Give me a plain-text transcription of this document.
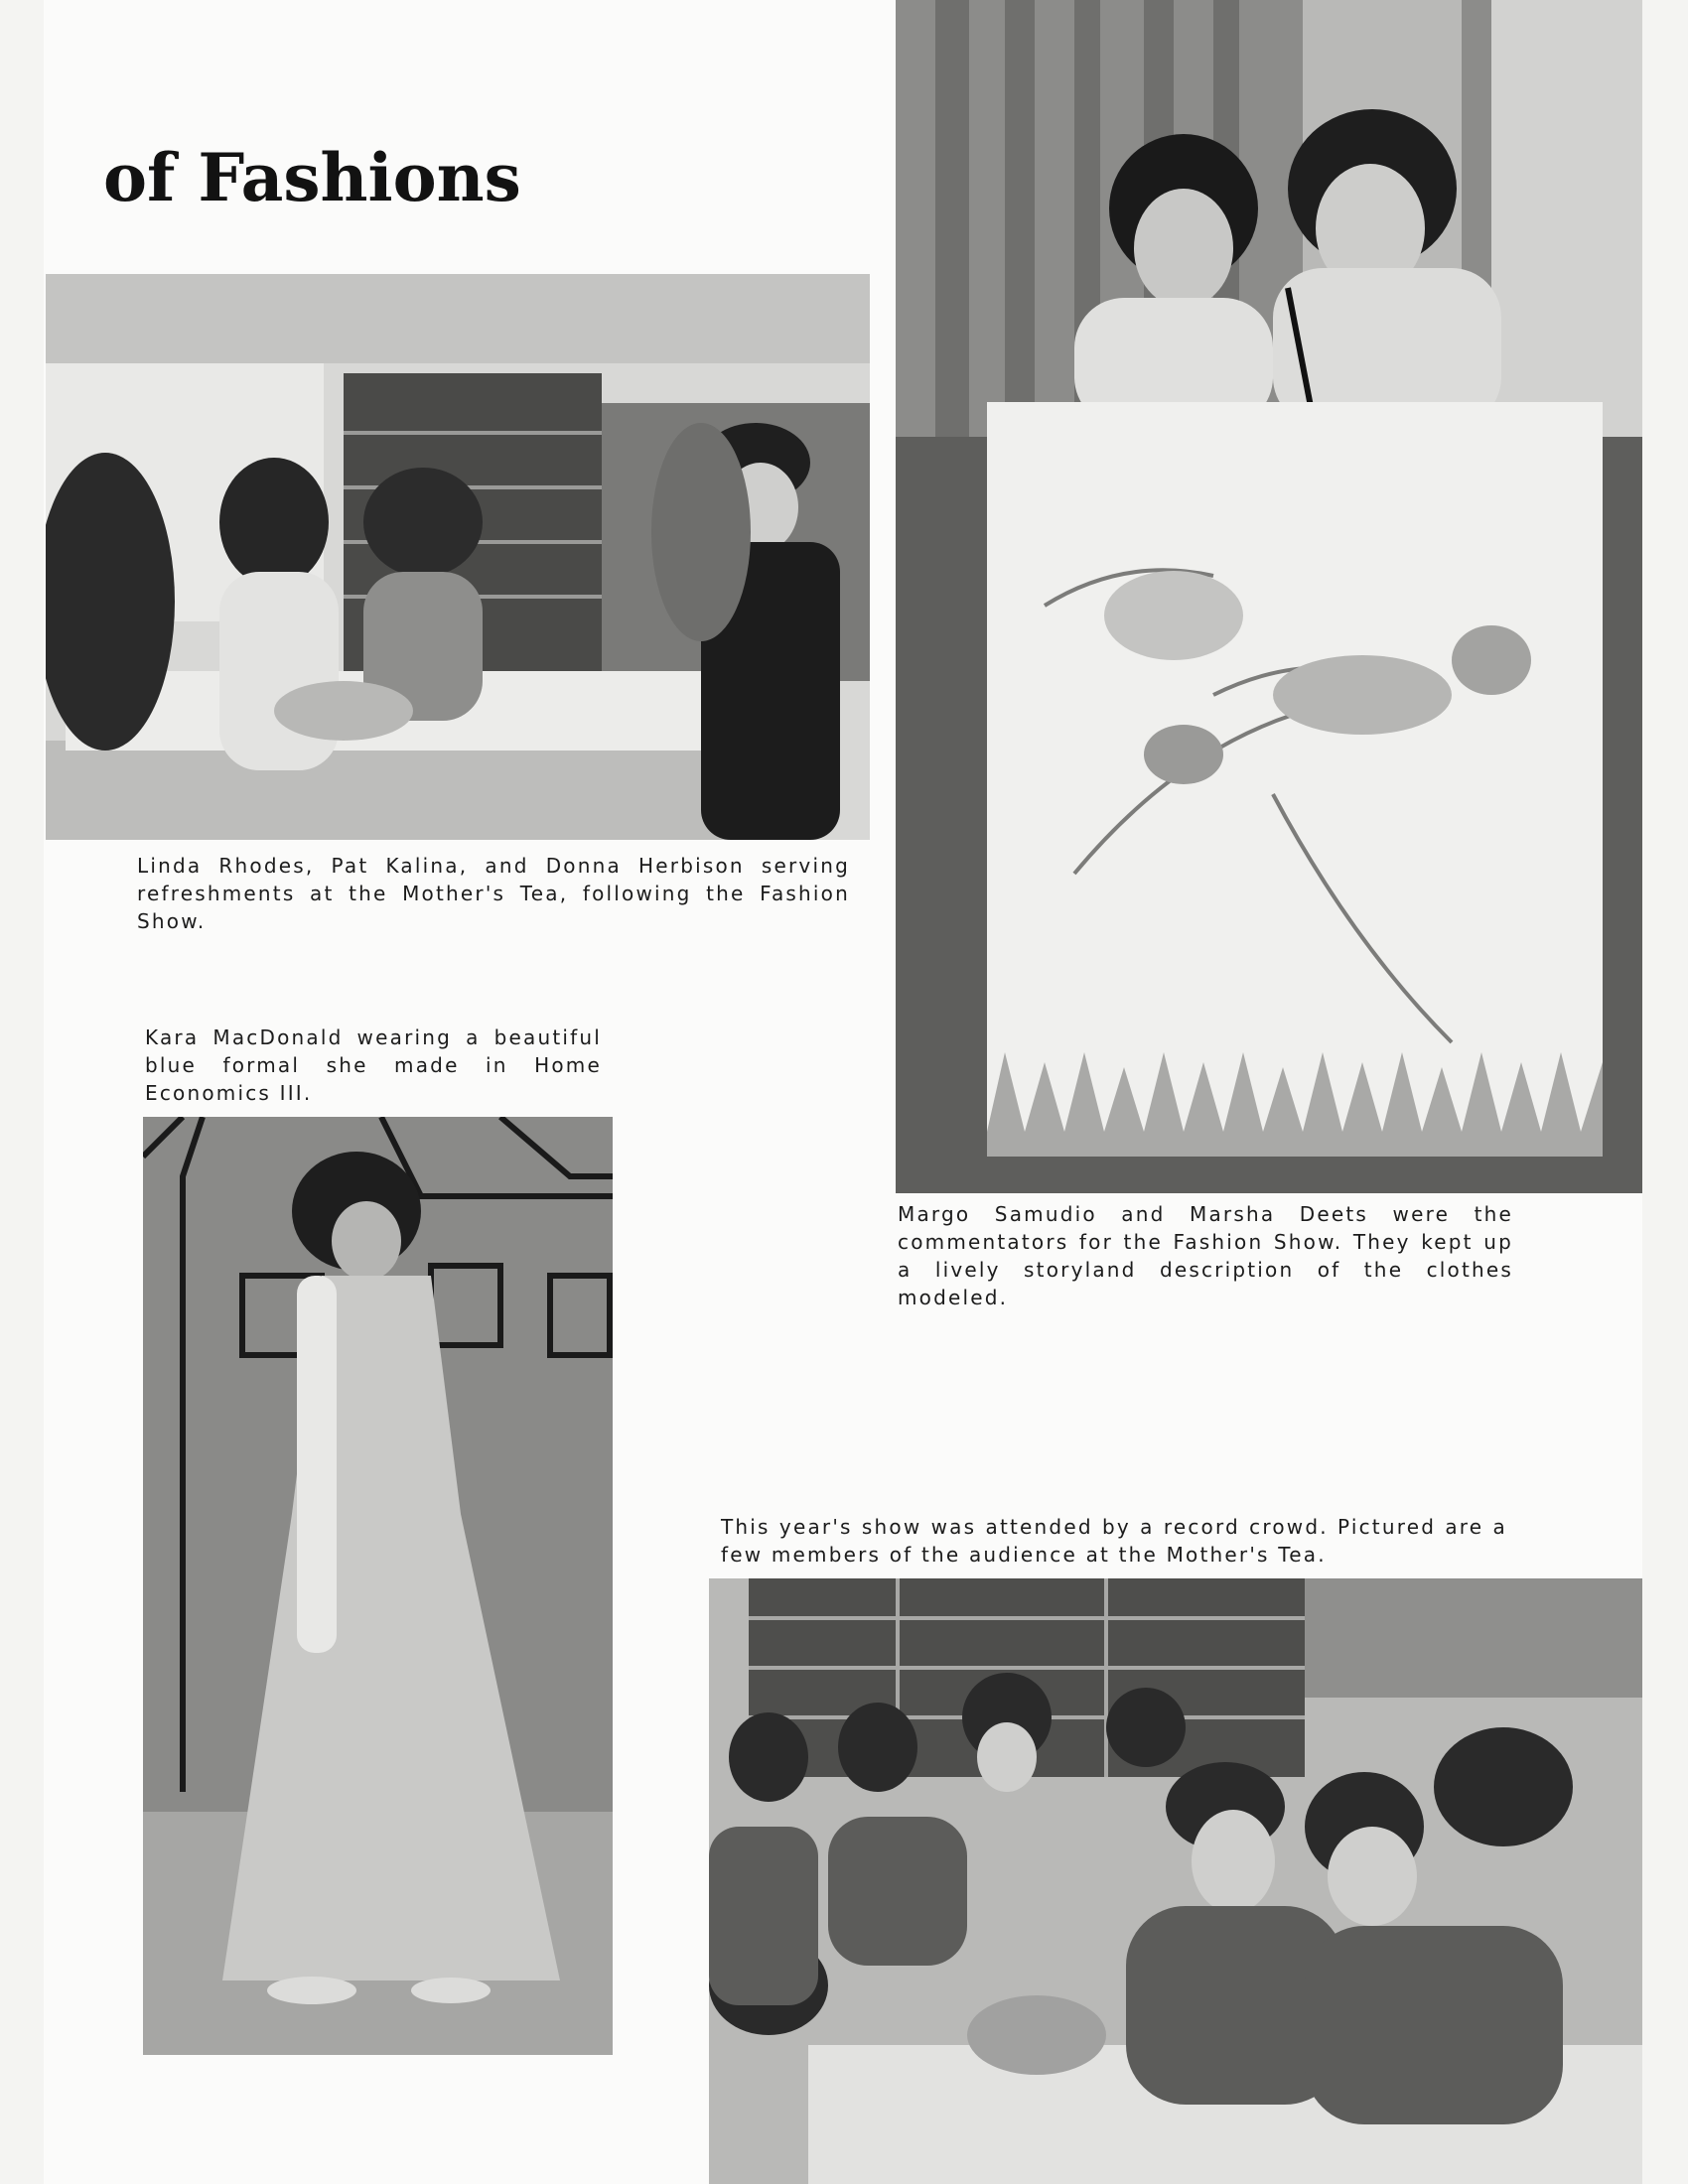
of Fashions
Linda Rhodes, Pat Kalina, and Donna Herbison serving refreshments at the Mother's Tea, following the Fashion Show.
Kara MacDonald wearing a beautiful blue formal she made in Home Economics III.
Margo Samudio and Marsha Deets were the commentators for the Fashion Show. They kept up a lively storyland description of the clothes modeled.
This year's show was attended by a record crowd. Pictured are a few members of the audience at the Mother's Tea.
